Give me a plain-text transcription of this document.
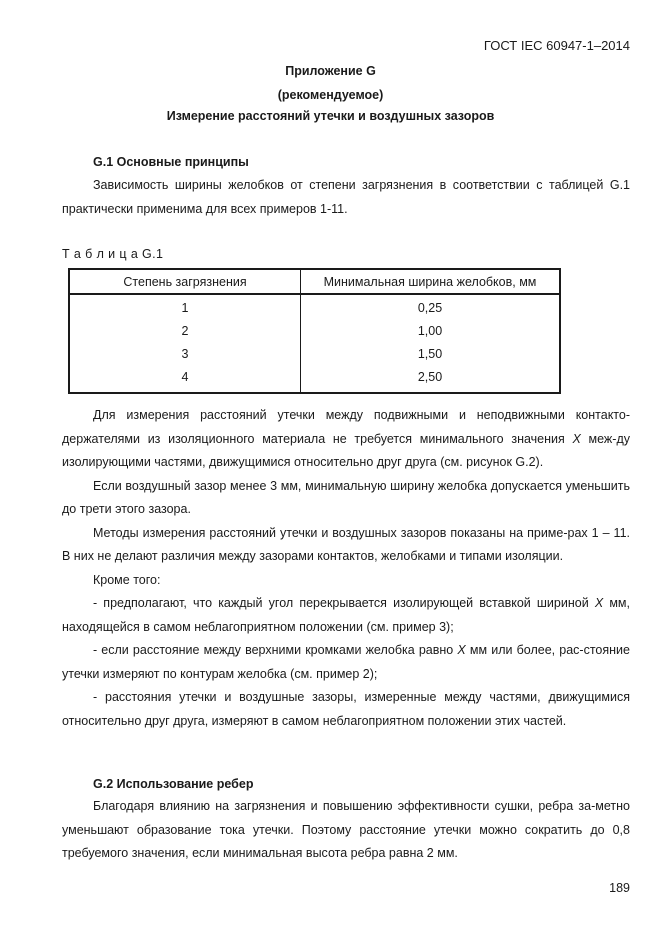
ГОСТ IEC 60947-1–2014
Приложение G
(рекомендуемое)
Измерение расстояний утечки и воздушных зазоров
G.1 Основные принципы

Зависимость ширины желобков от степени загрязнения в соответствии с таблицей G.1 практически применима для всех примеров 1-11.

Т а б л и ц а G.1
Степень загрязнения	Минимальная ширина желобков, мм
1	0,25
2	1,00
3	1,50
4	2,50

Для измерения расстояний утечки между подвижными и неподвижными контакто-держателями из изоляционного материала не требуется минимального значения X меж-ду изолирующими частями, движущимися относительно друг друга (см. рисунок G.2).

Если воздушный зазор менее 3 мм, минимальную ширину желобка допускается уменьшить до трети этого зазора.

Методы измерения расстояний утечки и воздушных зазоров показаны на приме-рах 1 – 11. В них не делают различия между зазорами контактов, желобками и типами изоляции.

Кроме того:

- предполагают, что каждый угол перекрывается изолирующей вставкой шириной X мм, находящейся в самом неблагоприятном положении (см. пример 3);

- если расстояние между верхними кромками желобка равно X мм или более, рас-стояние утечки измеряют по контурам желобка (см. пример 2);

- расстояния утечки и воздушные зазоры, измеренные между частями, движущимися относительно друг друга, измеряют в самом неблагоприятном положении этих частей.

G.2 Использование ребер

Благодаря влиянию на загрязнения и повышению эффективности сушки, ребра за-метно уменьшают образование тока утечки. Поэтому расстояние утечки можно сократить до 0,8 требуемого значения, если минимальная высота ребра равна 2 мм.

189
